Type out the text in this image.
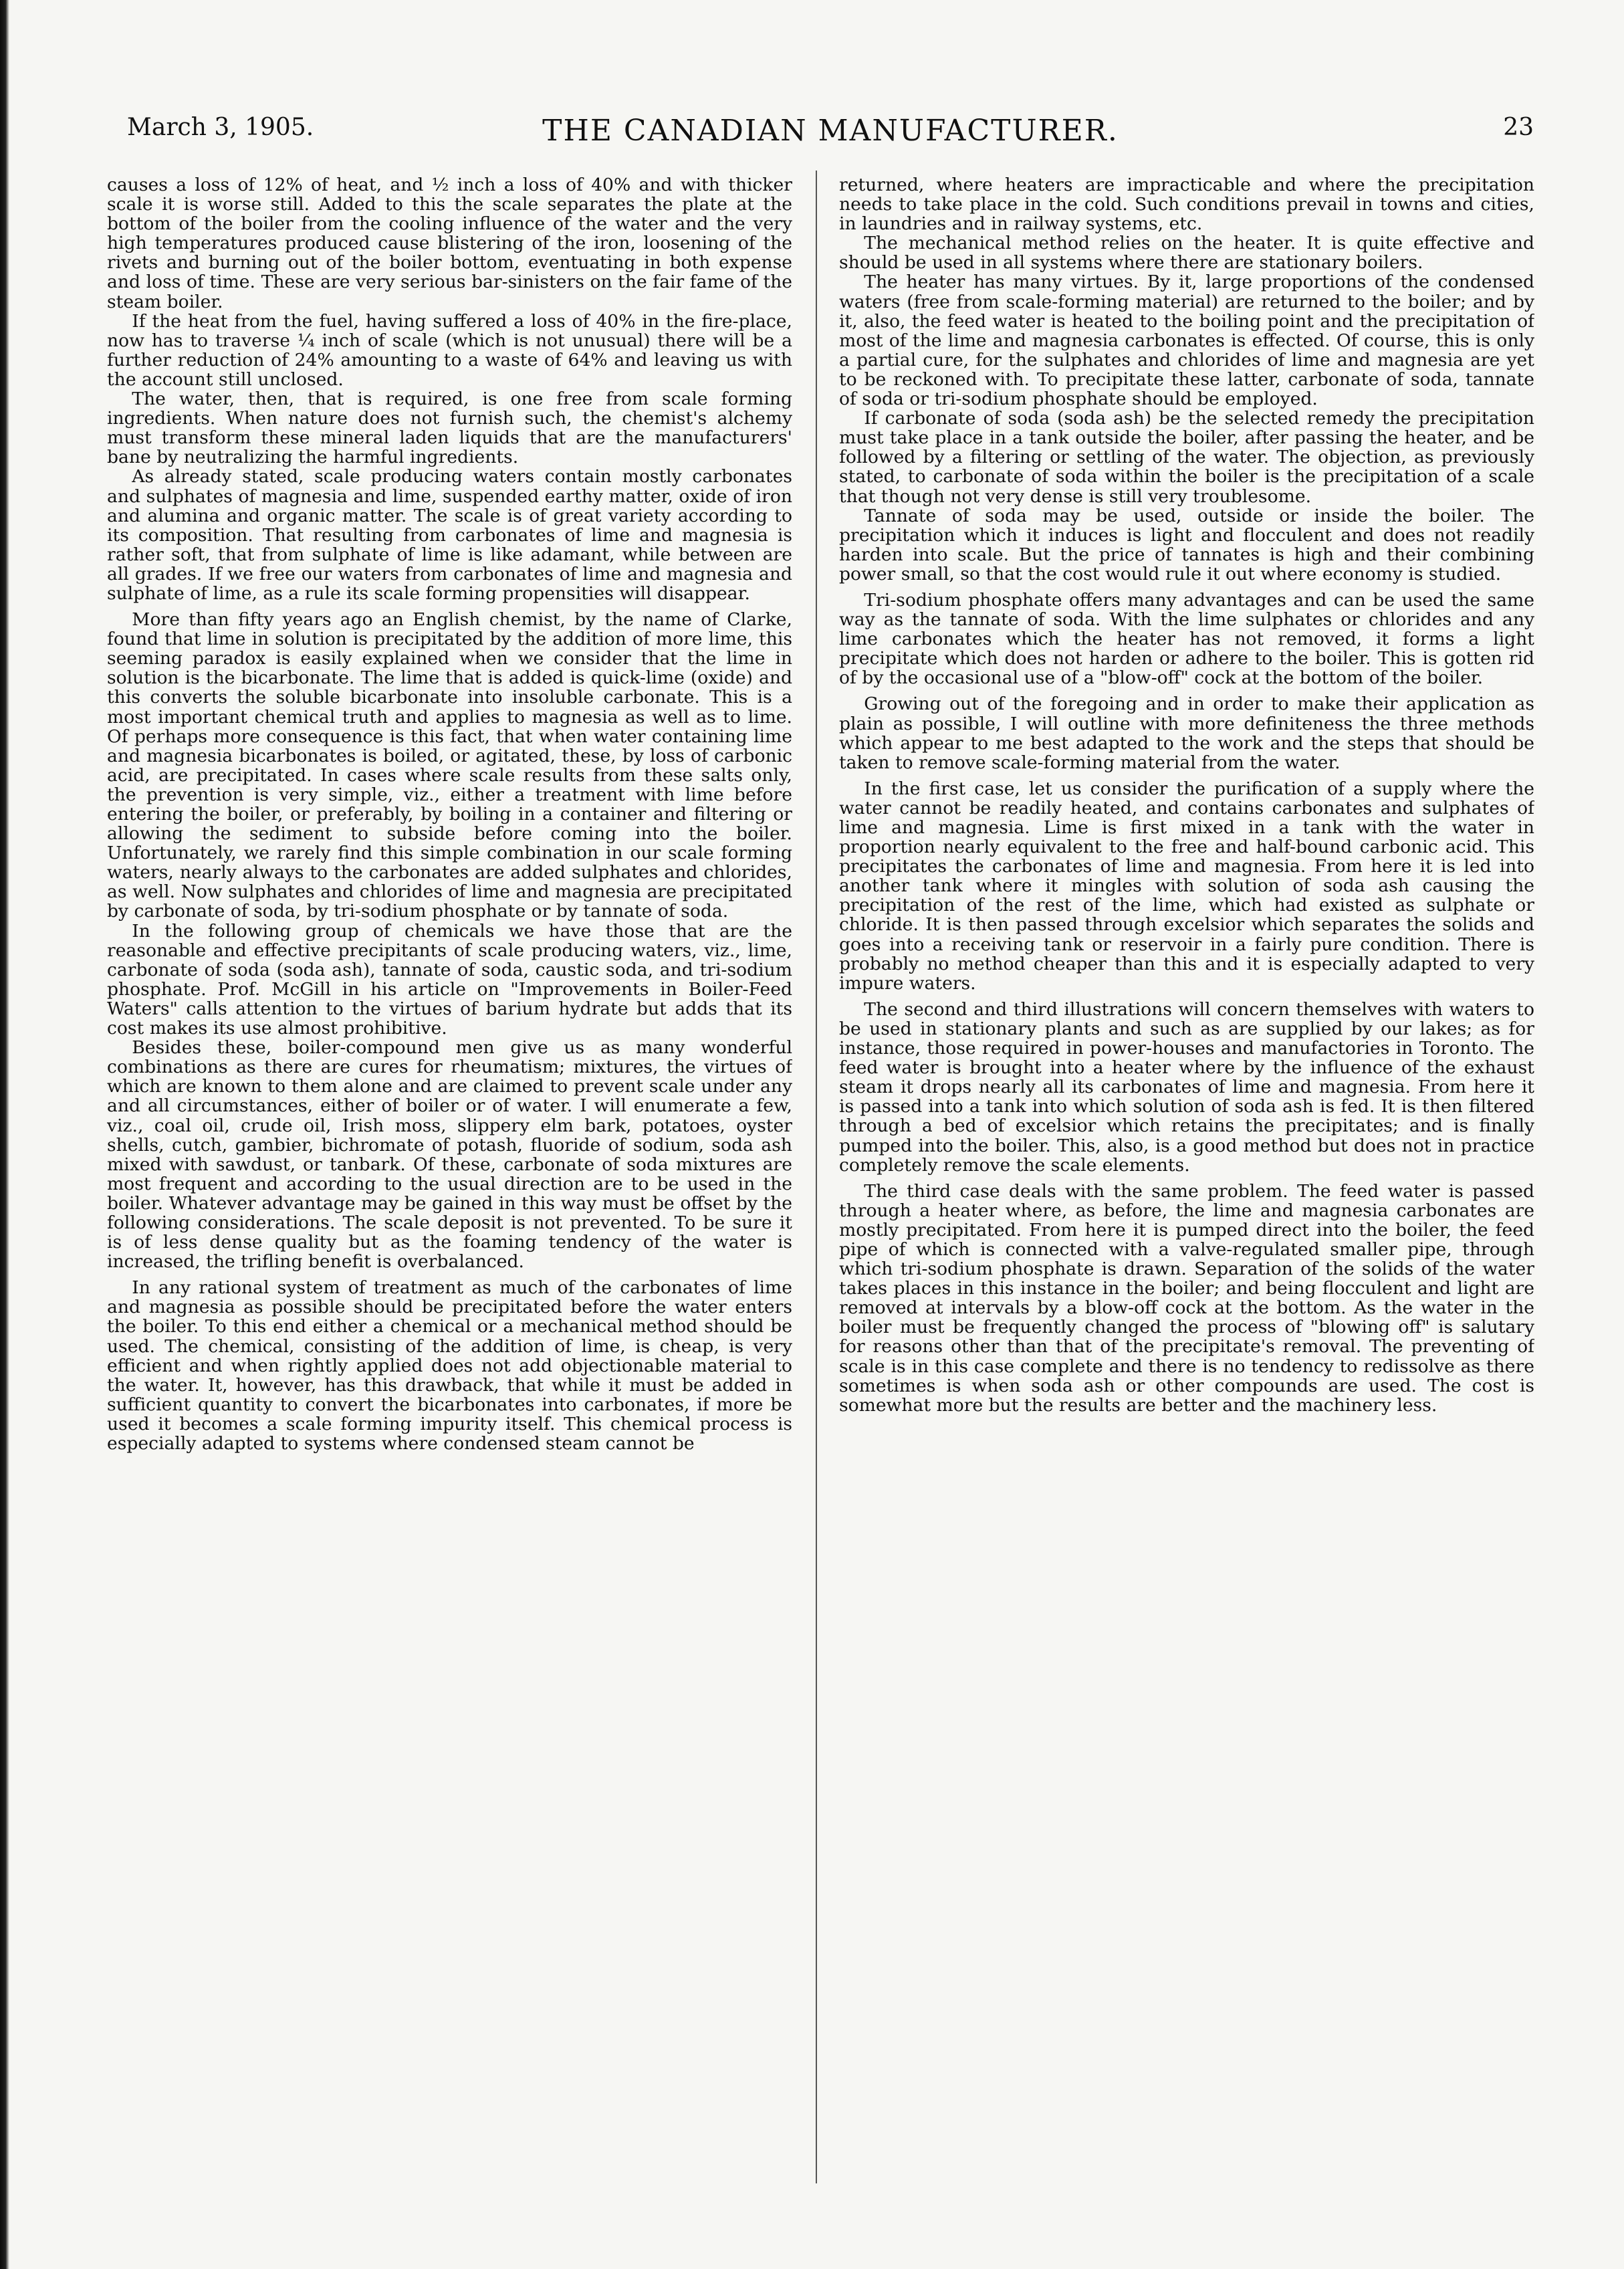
March 3, 1905.	THE CANADIAN MANUFACTURER.	23

causes a loss of 12% of heat, and ½ inch a loss of 40% and with thicker scale it is worse still. Added to this the scale separates the plate at the bottom of the boiler from the cooling influence of the water and the very high temperatures produced cause blistering of the iron, loosening of the rivets and burning out of the boiler bottom, eventuating in both expense and loss of time. These are very serious bar-sinisters on the fair fame of the steam boiler.

If the heat from the fuel, having suffered a loss of 40% in the fire-place, now has to traverse ¼ inch of scale (which is not unusual) there will be a further reduction of 24% amounting to a waste of 64% and leaving us with the account still unclosed.

The water, then, that is required, is one free from scale forming ingredients. When nature does not furnish such, the chemist's alchemy must transform these mineral laden liquids that are the manufacturers' bane by neutralizing the harmful ingredients.

As already stated, scale producing waters contain mostly carbonates and sulphates of magnesia and lime, suspended earthy matter, oxide of iron and alumina and organic matter. The scale is of great variety according to its composition. That resulting from carbonates of lime and magnesia is rather soft, that from sulphate of lime is like adamant, while between are all grades. If we free our waters from carbonates of lime and magnesia and sulphate of lime, as a rule its scale forming propensities will disappear.

More than fifty years ago an English chemist, by the name of Clarke, found that lime in solution is precipitated by the addition of more lime, this seeming paradox is easily explained when we consider that the lime in solution is the bicarbonate. The lime that is added is quick-lime (oxide) and this converts the soluble bicarbonate into insoluble carbonate. This is a most important chemical truth and applies to magnesia as well as to lime. Of perhaps more consequence is this fact, that when water containing lime and magnesia bicarbonates is boiled, or agitated, these, by loss of carbonic acid, are precipitated. In cases where scale results from these salts only, the prevention is very simple, viz., either a treatment with lime before entering the boiler, or preferably, by boiling in a container and filtering or allowing the sediment to subside before coming into the boiler. Unfortunately, we rarely find this simple combination in our scale forming waters, nearly always to the carbonates are added sulphates and chlorides, as well. Now sulphates and chlorides of lime and magnesia are precipitated by carbonate of soda, by tri-sodium phosphate or by tannate of soda.

In the following group of chemicals we have those that are the reasonable and effective precipitants of scale producing waters, viz., lime, carbonate of soda (soda ash), tannate of soda, caustic soda, and tri-sodium phosphate. Prof. McGill in his article on "Improvements in Boiler-Feed Waters" calls attention to the virtues of barium hydrate but adds that its cost makes its use almost prohibitive.

Besides these, boiler-compound men give us as many wonderful combinations as there are cures for rheumatism; mixtures, the virtues of which are known to them alone and are claimed to prevent scale under any and all circumstances, either of boiler or of water. I will enumerate a few, viz., coal oil, crude oil, Irish moss, slippery elm bark, potatoes, oyster shells, cutch, gambier, bichromate of potash, fluoride of sodium, soda ash mixed with sawdust, or tanbark. Of these, carbonate of soda mixtures are most frequent and according to the usual direction are to be used in the boiler. Whatever advantage may be gained in this way must be offset by the following considerations. The scale deposit is not prevented. To be sure it is of less dense quality but as the foaming tendency of the water is increased, the trifling benefit is overbalanced.

In any rational system of treatment as much of the carbonates of lime and magnesia as possible should be precipitated before the water enters the boiler. To this end either a chemical or a mechanical method should be used. The chemical, consisting of the addition of lime, is cheap, is very efficient and when rightly applied does not add objectionable material to the water. It, however, has this drawback, that while it must be added in sufficient quantity to convert the bicarbonates into carbonates, if more be used it becomes a scale forming impurity itself. This chemical process is especially adapted to systems where condensed steam cannot be

returned, where heaters are impracticable and where the precipitation needs to take place in the cold. Such conditions prevail in towns and cities, in laundries and in railway systems, etc.

The mechanical method relies on the heater. It is quite effective and should be used in all systems where there are stationary boilers.

The heater has many virtues. By it, large proportions of the condensed waters (free from scale-forming material) are returned to the boiler; and by it, also, the feed water is heated to the boiling point and the precipitation of most of the lime and magnesia carbonates is effected. Of course, this is only a partial cure, for the sulphates and chlorides of lime and magnesia are yet to be reckoned with. To precipitate these latter, carbonate of soda, tannate of soda or tri-sodium phosphate should be employed.

If carbonate of soda (soda ash) be the selected remedy the precipitation must take place in a tank outside the boiler, after passing the heater, and be followed by a filtering or settling of the water. The objection, as previously stated, to carbonate of soda within the boiler is the precipitation of a scale that though not very dense is still very troublesome.

Tannate of soda may be used, outside or inside the boiler. The precipitation which it induces is light and flocculent and does not readily harden into scale. But the price of tannates is high and their combining power small, so that the cost would rule it out where economy is studied.

Tri-sodium phosphate offers many advantages and can be used the same way as the tannate of soda. With the lime sulphates or chlorides and any lime carbonates which the heater has not removed, it forms a light precipitate which does not harden or adhere to the boiler. This is gotten rid of by the occasional use of a "blow-off" cock at the bottom of the boiler.

Growing out of the foregoing and in order to make their application as plain as possible, I will outline with more definiteness the three methods which appear to me best adapted to the work and the steps that should be taken to remove scale-forming material from the water.

In the first case, let us consider the purification of a supply where the water cannot be readily heated, and contains carbonates and sulphates of lime and magnesia. Lime is first mixed in a tank with the water in proportion nearly equivalent to the free and half-bound carbonic acid. This precipitates the carbonates of lime and magnesia. From here it is led into another tank where it mingles with solution of soda ash causing the precipitation of the rest of the lime, which had existed as sulphate or chloride. It is then passed through excelsior which separates the solids and goes into a receiving tank or reservoir in a fairly pure condition. There is probably no method cheaper than this and it is especially adapted to very impure waters.

The second and third illustrations will concern themselves with waters to be used in stationary plants and such as are supplied by our lakes; as for instance, those required in power-houses and manufactories in Toronto. The feed water is brought into a heater where by the influence of the exhaust steam it drops nearly all its carbonates of lime and magnesia. From here it is passed into a tank into which solution of soda ash is fed. It is then filtered through a bed of excelsior which retains the precipitates; and is finally pumped into the boiler. This, also, is a good method but does not in practice completely remove the scale elements.

The third case deals with the same problem. The feed water is passed through a heater where, as before, the lime and magnesia carbonates are mostly precipitated. From here it is pumped direct into the boiler, the feed pipe of which is connected with a valve-regulated smaller pipe, through which tri-sodium phosphate is drawn. Separation of the solids of the water takes places in this instance in the boiler; and being flocculent and light are removed at intervals by a blow-off cock at the bottom. As the water in the boiler must be frequently changed the process of "blowing off" is salutary for reasons other than that of the precipitate's removal. The preventing of scale is in this case complete and there is no tendency to redissolve as there sometimes is when soda ash or other compounds are used. The cost is somewhat more but the results are better and the machinery less.
